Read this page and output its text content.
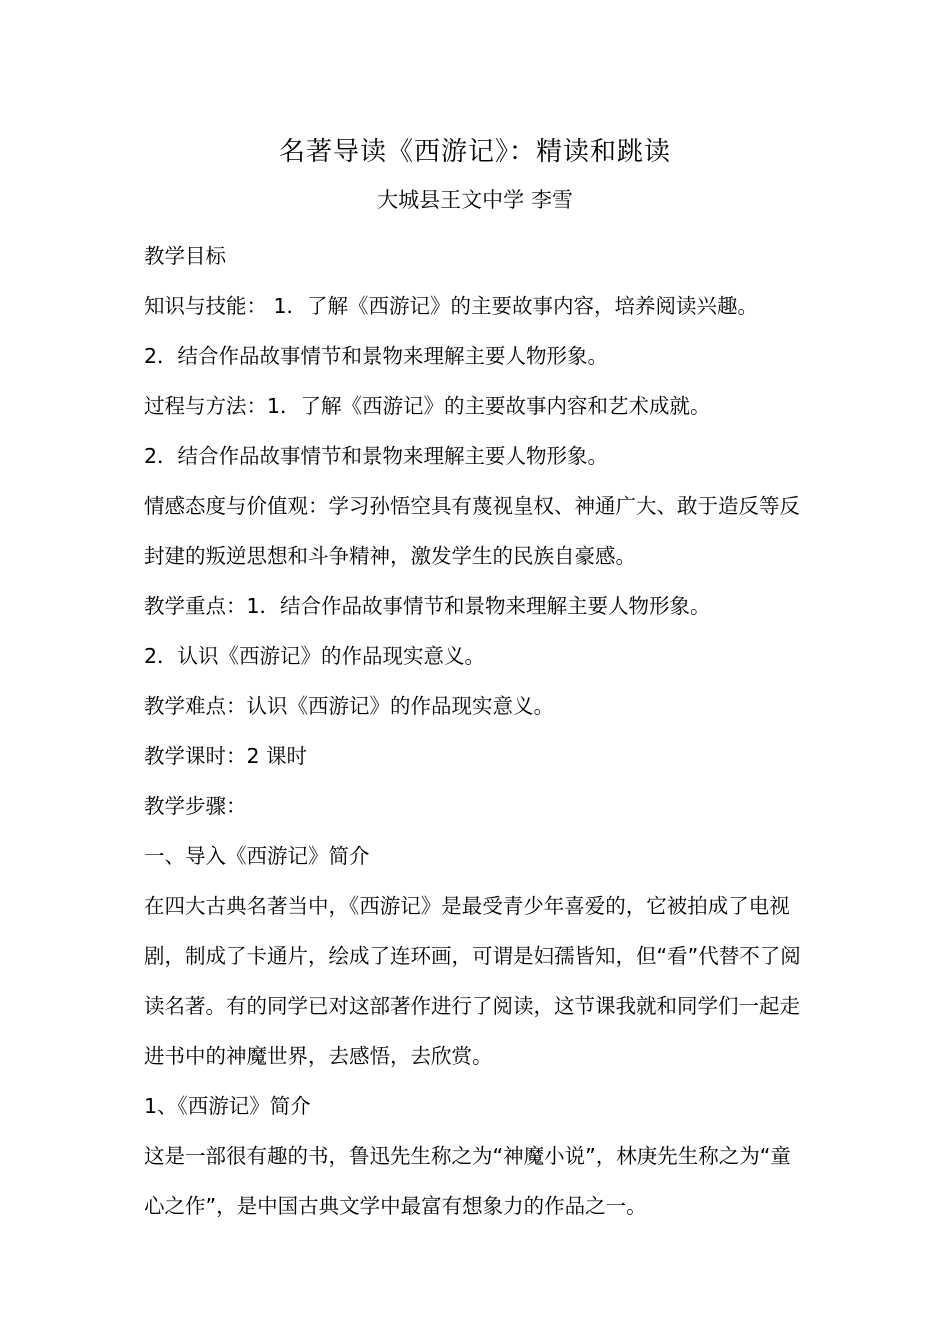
名著导读《西游记》：精读和跳读
大城县王文中学 李雪

教学目标

知识与技能： 1．了解《西游记》的主要故事内容，培养阅读兴趣。

2．结合作品故事情节和景物来理解主要人物形象。

过程与方法：1．了解《西游记》的主要故事内容和艺术成就。

2．结合作品故事情节和景物来理解主要人物形象。

情感态度与价值观：学习孙悟空具有蔑视皇权、神通广大、敢于造反等反封建的叛逆思想和斗争精神，激发学生的民族自豪感。

教学重点：1．结合作品故事情节和景物来理解主要人物形象。

2．认识《西游记》的作品现实意义。

教学难点：认识《西游记》的作品现实意义。

教学课时：2 课时

教学步骤：

一、导入《西游记》简介

在四大古典名著当中，《西游记》是最受青少年喜爱的，它被拍成了电视剧，制成了卡通片，绘成了连环画，可谓是妇孺皆知，但“看”代替不了阅读名著。有的同学已对这部著作进行了阅读，这节课我就和同学们一起走进书中的神魔世界，去感悟，去欣赏。

1、《西游记》简介

这是一部很有趣的书，鲁迅先生称之为“神魔小说”，林庚先生称之为“童心之作”，是中国古典文学中最富有想象力的作品之一。
